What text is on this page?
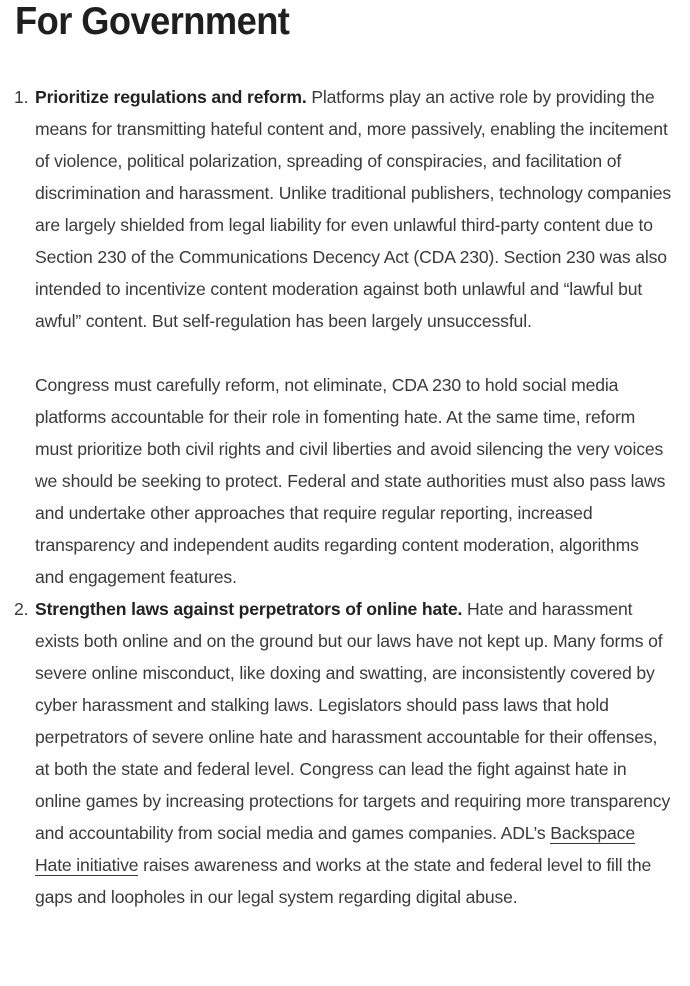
For Government
1. Prioritize regulations and reform. Platforms play an active role by providing the means for transmitting hateful content and, more passively, enabling the incitement of violence, political polarization, spreading of conspiracies, and facilitation of discrimination and harassment. Unlike traditional publishers, technology companies are largely shielded from legal liability for even unlawful third-party content due to Section 230 of the Communications Decency Act (CDA 230). Section 230 was also intended to incentivize content moderation against both unlawful and “lawful but awful” content. But self-regulation has been largely unsuccessful.

Congress must carefully reform, not eliminate, CDA 230 to hold social media platforms accountable for their role in fomenting hate. At the same time, reform must prioritize both civil rights and civil liberties and avoid silencing the very voices we should be seeking to protect. Federal and state authorities must also pass laws and undertake other approaches that require regular reporting, increased transparency and independent audits regarding content moderation, algorithms and engagement features.

2. Strengthen laws against perpetrators of online hate. Hate and harassment exists both online and on the ground but our laws have not kept up. Many forms of severe online misconduct, like doxing and swatting, are inconsistently covered by cyber harassment and stalking laws. Legislators should pass laws that hold perpetrators of severe online hate and harassment accountable for their offenses, at both the state and federal level. Congress can lead the fight against hate in online games by increasing protections for targets and requiring more transparency and accountability from social media and games companies. ADL’s Backspace Hate initiative raises awareness and works at the state and federal level to fill the gaps and loopholes in our legal system regarding digital abuse.
